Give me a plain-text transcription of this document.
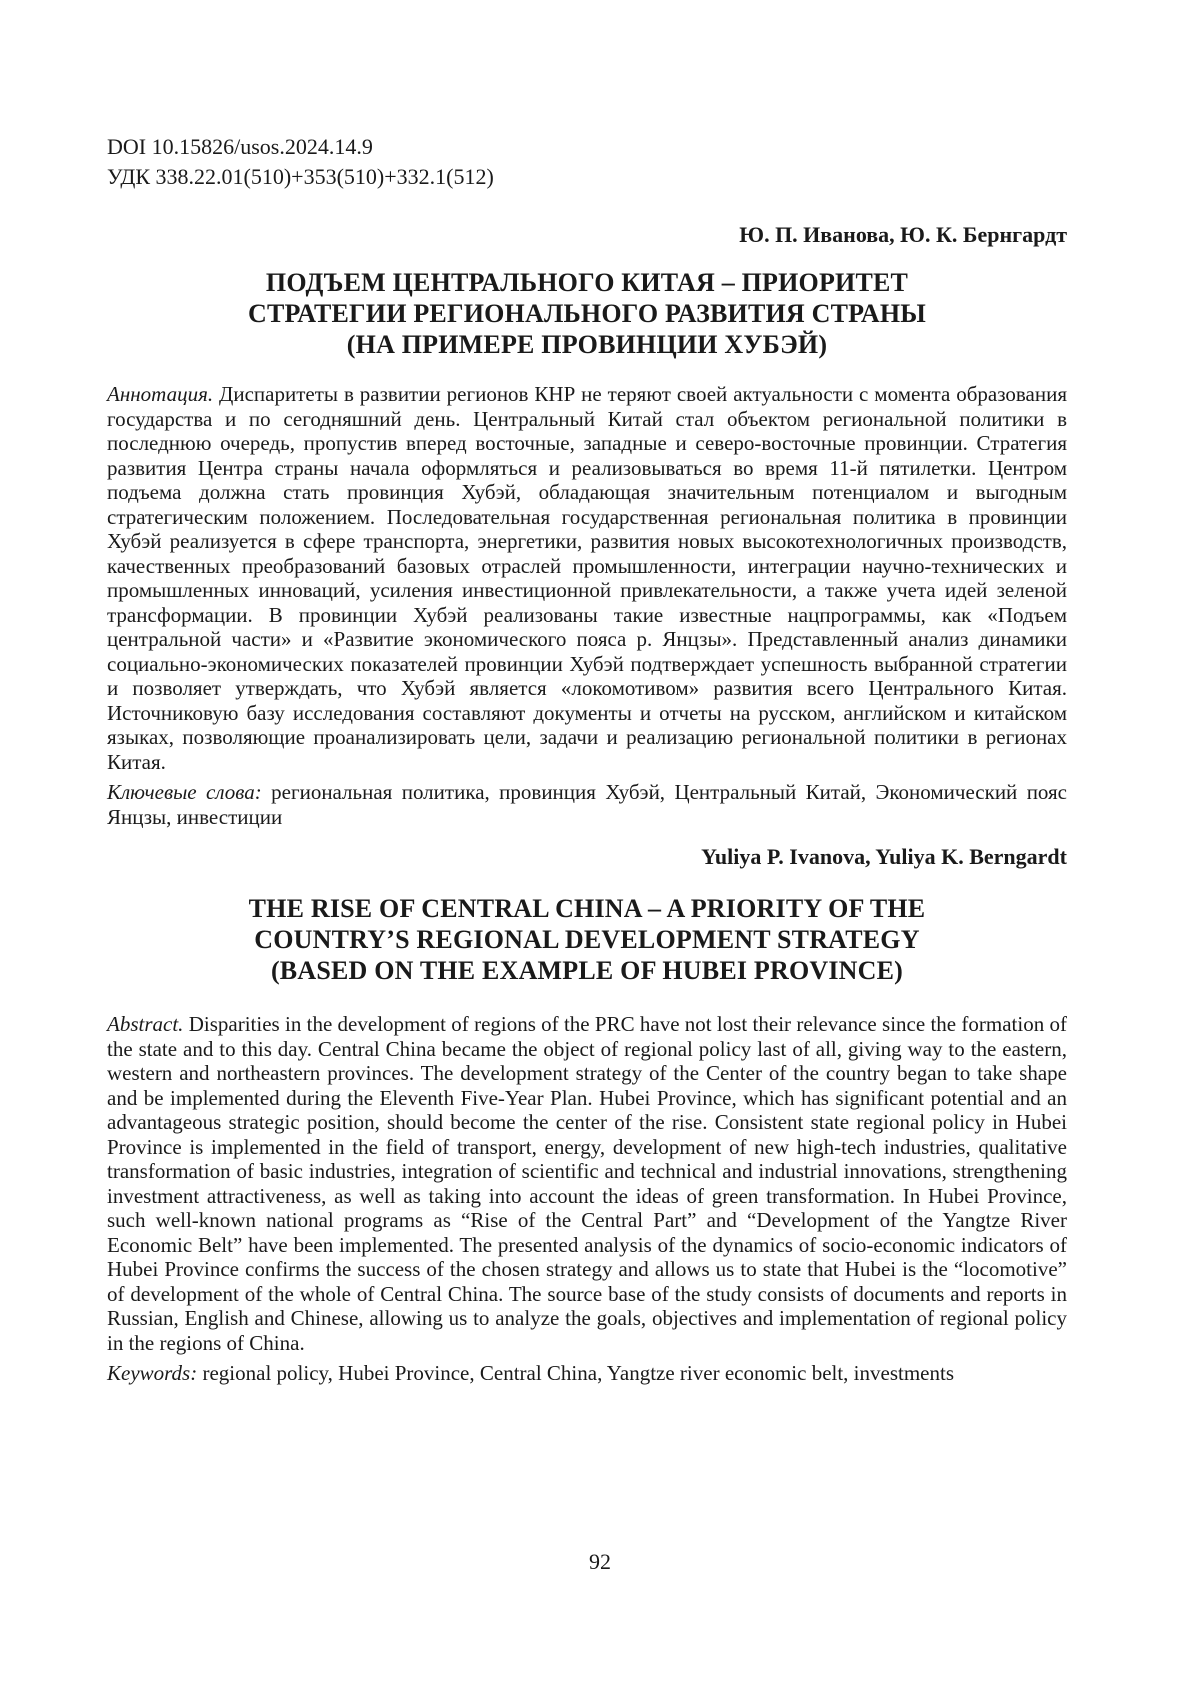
DOI 10.15826/usos.2024.14.9

УДК 338.22.01(510)+353(510)+332.1(512)

Ю. П. Иванова, Ю. К. Бернгардт

ПОДЪЕМ ЦЕНТРАЛЬНОГО КИТАЯ – ПРИОРИТЕТ
СТРАТЕГИИ РЕГИОНАЛЬНОГО РАЗВИТИЯ СТРАНЫ
(НА ПРИМЕРЕ ПРОВИНЦИИ ХУБЭЙ)

Аннотация. Диспаритеты в развитии регионов КНР не теряют своей актуальности с момента образования государства и по сегодняшний день. Центральный Китай стал объектом региональной политики в последнюю очередь, пропустив вперед восточные, западные и северо-восточные провинции. Стратегия развития Центра страны начала оформляться и реализовываться во время 11-й пятилетки. Центром подъема должна стать провинция Хубэй, обладающая значительным потенциалом и выгодным стратегическим положением. Последовательная государственная региональная политика в провинции Хубэй реализуется в сфере транспорта, энергетики, развития новых высокотехнологичных производств, качественных преобразований базовых отраслей промышленности, интеграции научно-технических и промышленных инноваций, усиления инвестиционной привлекательности, а также учета идей зеленой трансформации. В провинции Хубэй реализованы такие известные нацпрограммы, как «Подъем центральной части» и «Развитие экономического пояса р. Янцзы». Представленный анализ динамики социально-экономических показателей провинции Хубэй подтверждает успешность выбранной стратегии и позволяет утверждать, что Хубэй является «локомотивом» развития всего Центрального Китая. Источниковую базу исследования составляют документы и отчеты на русском, английском и китайском языках, позволяющие проанализировать цели, задачи и реализацию региональной политики в регионах Китая.

Ключевые слова: региональная политика, провинция Хубэй, Центральный Китай, Экономический пояс Янцзы, инвестиции

Yuliya P. Ivanova, Yuliya K. Berngardt

THE RISE OF CENTRAL CHINA – A PRIORITY OF THE
COUNTRY’S REGIONAL DEVELOPMENT STRATEGY
(BASED ON THE EXAMPLE OF HUBEI PROVINCE)

Abstract. Disparities in the development of regions of the PRC have not lost their relevance since the formation of the state and to this day. Central China became the object of regional policy last of all, giving way to the eastern, western and northeastern provinces. The development strategy of the Center of the country began to take shape and be implemented during the Eleventh Five-Year Plan. Hubei Province, which has significant potential and an advantageous strategic position, should become the center of the rise. Consistent state regional policy in Hubei Province is implemented in the field of transport, energy, development of new high-tech industries, qualitative transformation of basic industries, integration of scientific and technical and industrial innovations, strengthening investment attractiveness, as well as taking into account the ideas of green transformation. In Hubei Province, such well-known national programs as “Rise of the Central Part” and “Development of the Yangtze River Economic Belt” have been implemented. The presented analysis of the dynamics of socio-economic indicators of Hubei Province confirms the success of the chosen strategy and allows us to state that Hubei is the “locomotive” of development of the whole of Central China. The source base of the study consists of documents and reports in Russian, English and Chinese, allowing us to analyze the goals, objectives and implementation of regional policy in the regions of China.

Keywords: regional policy, Hubei Province, Central China, Yangtze river economic belt, investments

92
